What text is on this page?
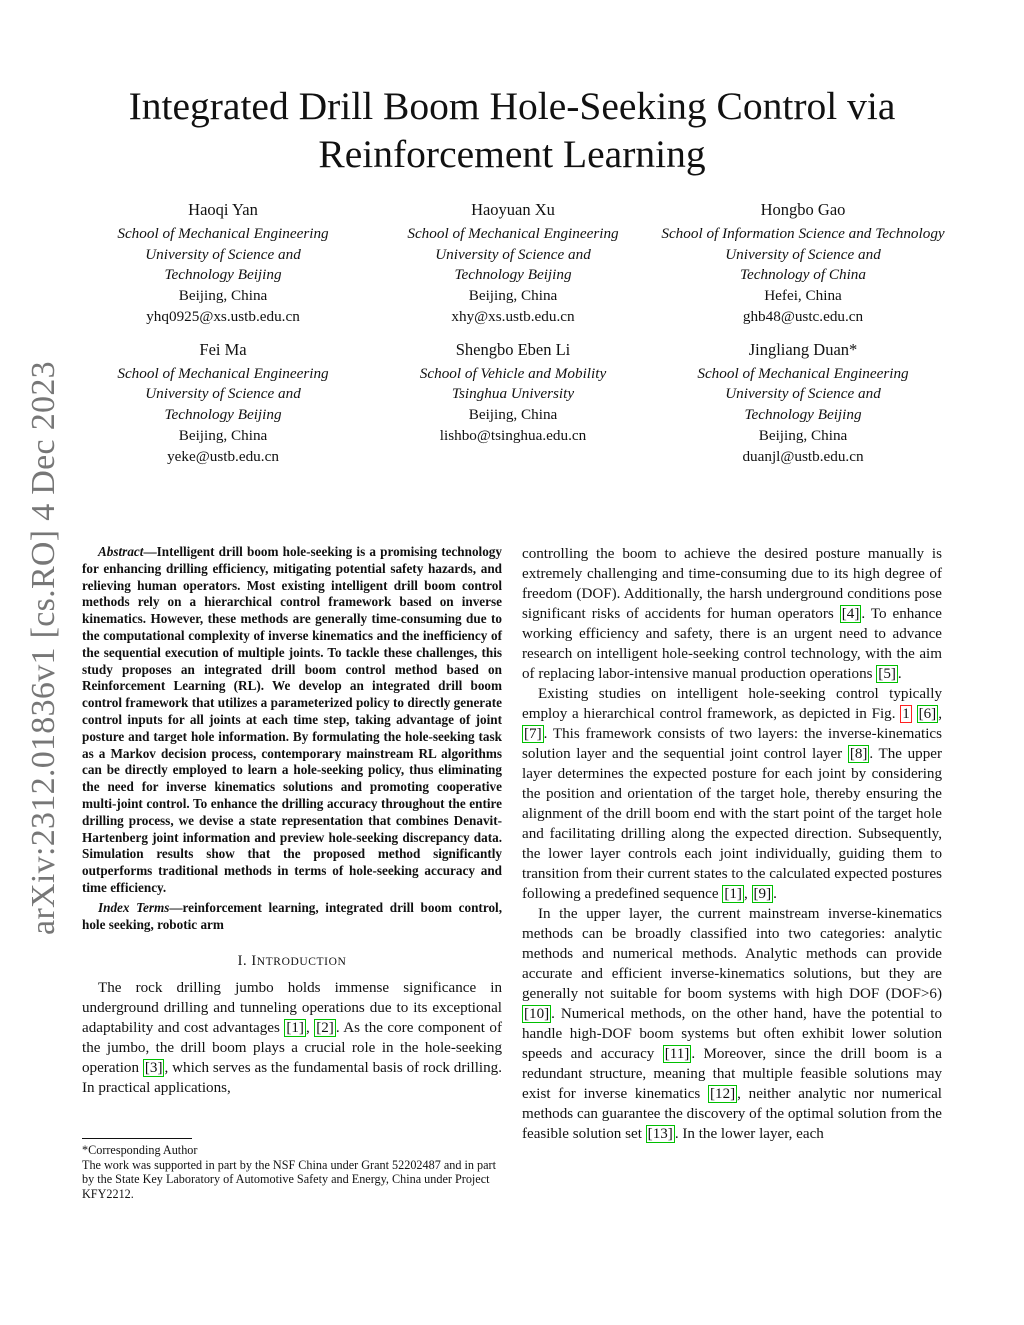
arXiv:2312.01836v1 [cs.RO] 4 Dec 2023
Integrated Drill Boom Hole-Seeking Control via
Reinforcement Learning
Haoqi Yan
School of Mechanical Engineering
University of Science and
Technology Beijing
Beijing, China
yhq0925@xs.ustb.edu.cn
Haoyuan Xu
School of Mechanical Engineering
University of Science and
Technology Beijing
Beijing, China
xhy@xs.ustb.edu.cn
Hongbo Gao
School of Information Science and Technology
University of Science and
Technology of China
Hefei, China
ghb48@ustc.edu.cn
Fei Ma
School of Mechanical Engineering
University of Science and
Technology Beijing
Beijing, China
yeke@ustb.edu.cn
Shengbo Eben Li
School of Vehicle and Mobility
Tsinghua University
Beijing, China
lishbo@tsinghua.edu.cn
Jingliang Duan*
School of Mechanical Engineering
University of Science and
Technology Beijing
Beijing, China
duanjl@ustb.edu.cn

Abstract—Intelligent drill boom hole-seeking is a promising technology for enhancing drilling efficiency, mitigating potential safety hazards, and relieving human operators. Most existing intelligent drill boom control methods rely on a hierarchical control framework based on inverse kinematics. However, these methods are generally time-consuming due to the computational complexity of inverse kinematics and the inefficiency of the sequential execution of multiple joints. To tackle these challenges, this study proposes an integrated drill boom control method based on Reinforcement Learning (RL). We develop an integrated drill boom control framework that utilizes a parameterized policy to directly generate control inputs for all joints at each time step, taking advantage of joint posture and target hole information. By formulating the hole-seeking task as a Markov decision process, contemporary mainstream RL algorithms can be directly employed to learn a hole-seeking policy, thus eliminating the need for inverse kinematics solutions and promoting cooperative multi-joint control. To enhance the drilling accuracy throughout the entire drilling process, we devise a state representation that combines Denavit-Hartenberg joint information and preview hole-seeking discrepancy data. Simulation results show that the proposed method significantly outperforms traditional methods in terms of hole-seeking accuracy and time efficiency.

Index Terms—reinforcement learning, integrated drill boom control, hole seeking, robotic arm

I. INTRODUCTION

The rock drilling jumbo holds immense significance in underground drilling and tunneling operations due to its exceptional adaptability and cost advantages [1] , [2] . As the core component of the jumbo, the drill boom plays a crucial role in the hole-seeking operation [3] , which serves as the fundamental basis of rock drilling. In practical applications,

*Corresponding Author

The work was supported in part by the NSF China under Grant 52202487 and in part by the State Key Laboratory of Automotive Safety and Energy, China under Project KFY2212.

controlling the boom to achieve the desired posture manually is extremely challenging and time-consuming due to its high degree of freedom (DOF). Additionally, the harsh underground conditions pose significant risks of accidents for human operators [4] . To enhance working efficiency and safety, there is an urgent need to advance research on intelligent hole-seeking control technology, with the aim of replacing labor-intensive manual production operations [5] .

Existing studies on intelligent hole-seeking control typically employ a hierarchical control framework, as depicted in Fig. 1 [6] , [7] . This framework consists of two layers: the inverse-kinematics solution layer and the sequential joint control layer [8] . The upper layer determines the expected posture for each joint by considering the position and orientation of the target hole, thereby ensuring the alignment of the drill boom end with the start point of the target hole and facilitating drilling along the expected direction. Subsequently, the lower layer controls each joint individually, guiding them to transition from their current states to the calculated expected postures following a predefined sequence [1] , [9] .

In the upper layer, the current mainstream inverse-kinematics methods can be broadly classified into two categories: analytic methods and numerical methods. Analytic methods can provide accurate and efficient inverse-kinematics solutions, but they are generally not suitable for boom systems with high DOF (DOF>6) [10] . Numerical methods, on the other hand, have the potential to handle high-DOF boom systems but often exhibit lower solution speeds and accuracy [11] . Moreover, since the drill boom is a redundant structure, meaning that multiple feasible solutions may exist for inverse kinematics [12] , neither analytic nor numerical methods can guarantee the discovery of the optimal solution from the feasible solution set [13] . In the lower layer, each
